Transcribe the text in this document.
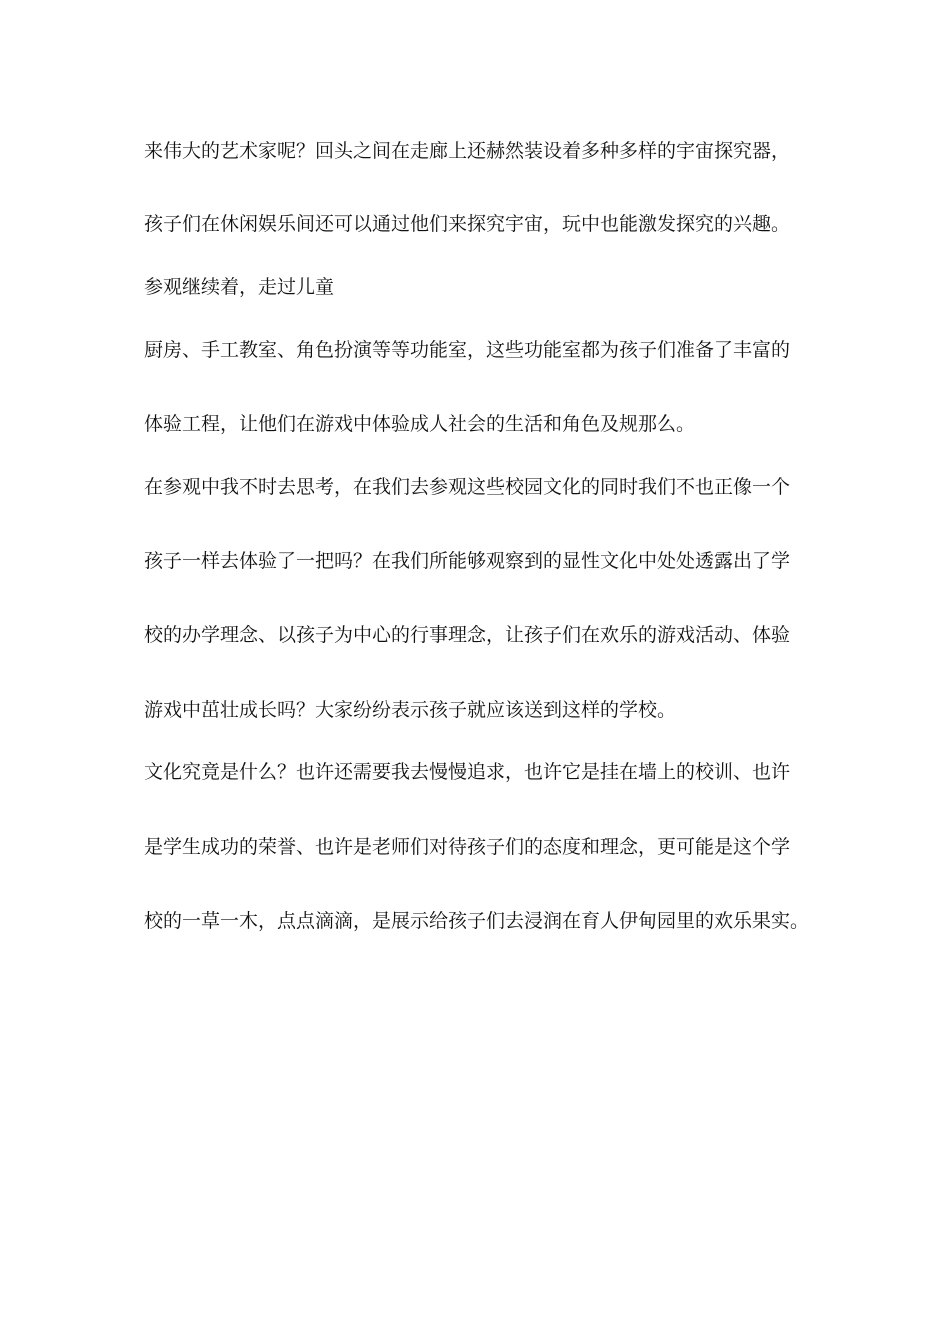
来伟大的艺术家呢？回头之间在走廊上还赫然装设着多种多样的宇宙探究器，
孩子们在休闲娱乐间还可以通过他们来探究宇宙，玩中也能激发探究的兴趣。
参观继续着，走过儿童
厨房、手工教室、角色扮演等等功能室，这些功能室都为孩子们准备了丰富的
体验工程，让他们在游戏中体验成人社会的生活和角色及规那么。
在参观中我不时去思考，在我们去参观这些校园文化的同时我们不也正像一个
孩子一样去体验了一把吗？在我们所能够观察到的显性文化中处处透露出了学
校的办学理念、以孩子为中心的行事理念，让孩子们在欢乐的游戏活动、体验
游戏中茁壮成长吗？大家纷纷表示孩子就应该送到这样的学校。
文化究竟是什么？也许还需要我去慢慢追求，也许它是挂在墙上的校训、也许
是学生成功的荣誉、也许是老师们对待孩子们的态度和理念，更可能是这个学
校的一草一木，点点滴滴，是展示给孩子们去浸润在育人伊甸园里的欢乐果实。
